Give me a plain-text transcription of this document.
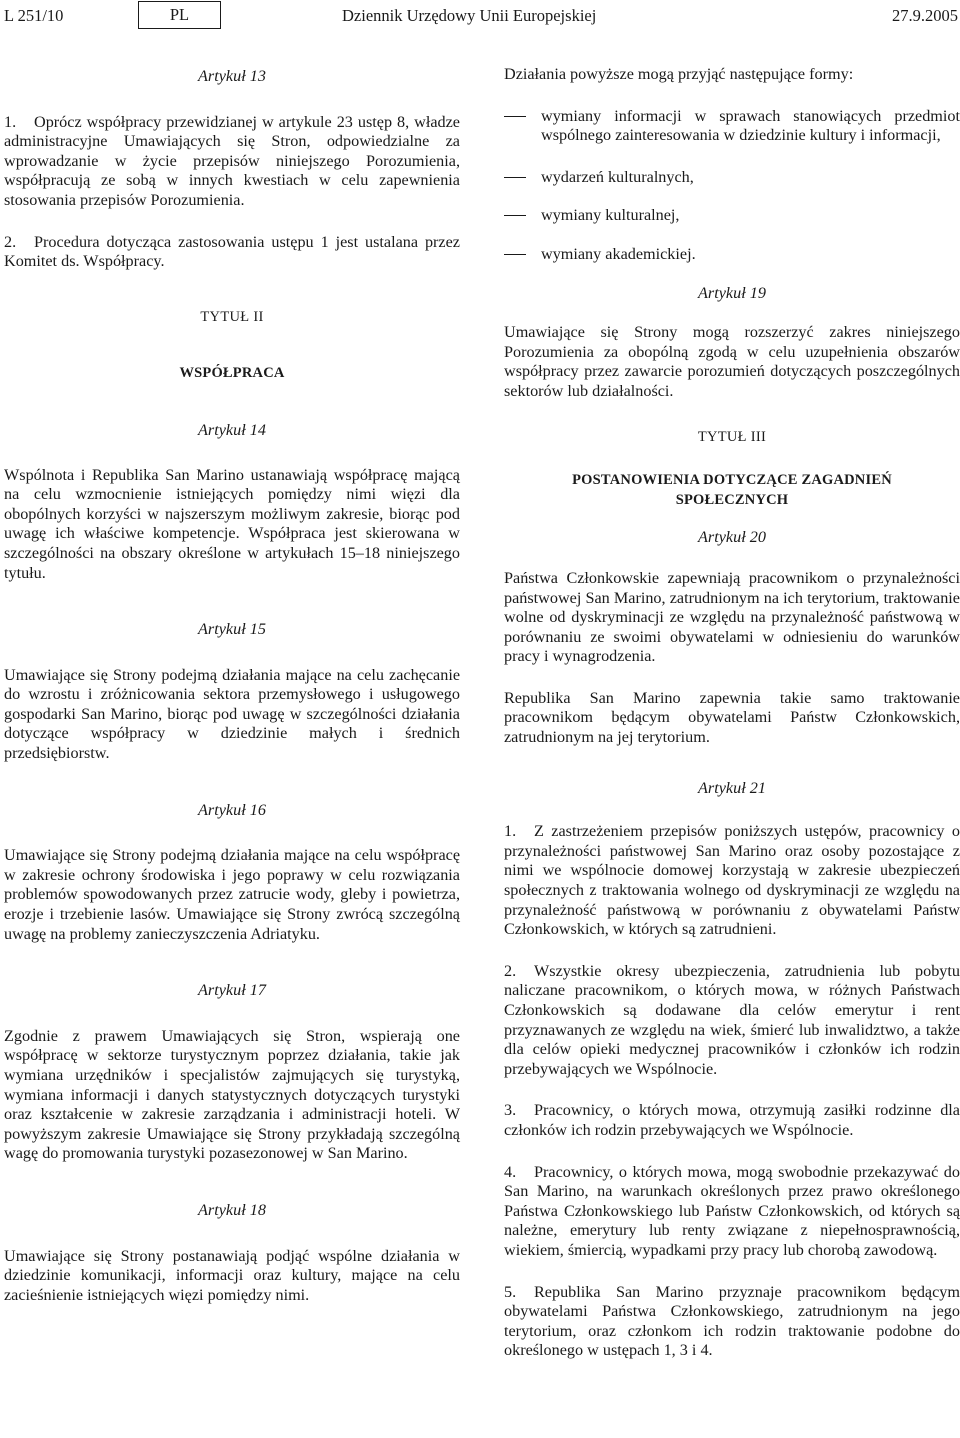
L 251/10	PL	Dziennik Urzędowy Unii Europejskiej	27.9.2005

Artykuł 13

1. Oprócz współpracy przewidzianej w artykule 23 ustęp 8, władze administracyjne Umawiających się Stron, odpowiedzialne za wprowadzanie w życie przepisów niniejszego Porozumienia, współpracują ze sobą w innych kwestiach w celu zapewnienia stosowania przepisów Porozumienia.

2. Procedura dotycząca zastosowania ustępu 1 jest ustalana przez Komitet ds. Współpracy.

TYTUŁ II

WSPÓŁPRACA

Artykuł 14

Wspólnota i Republika San Marino ustanawiają współpracę mającą na celu wzmocnienie istniejących pomiędzy nimi więzi dla obopólnych korzyści w najszerszym możliwym zakresie, biorąc pod uwagę ich właściwe kompetencje. Współpraca jest skierowana w szczególności na obszary określone w artykułach 15–18 niniejszego tytułu.

Artykuł 15

Umawiające się Strony podejmą działania mające na celu zachęcanie do wzrostu i zróżnicowania sektora przemysłowego i usługowego gospodarki San Marino, biorąc pod uwagę w szczególności działania dotyczące współpracy w dziedzinie małych i średnich przedsiębiorstw.

Artykuł 16

Umawiające się Strony podejmą działania mające na celu współpracę w zakresie ochrony środowiska i jego poprawy w celu rozwiązania problemów spowodowanych przez zatrucie wody, gleby i powietrza, erozje i trzebienie lasów. Umawiające się Strony zwrócą szczególną uwagę na problemy zanieczyszczenia Adriatyku.

Artykuł 17

Zgodnie z prawem Umawiających się Stron, wspierają one współpracę w sektorze turystycznym poprzez działania, takie jak wymiana urzędników i specjalistów zajmujących się turystyką, wymiana informacji i danych statystycznych dotyczących turystyki oraz kształcenie w zakresie zarządzania i administracji hoteli. W powyższym zakresie Umawiające się Strony przykładają szczególną wagę do promowania turystyki pozasezonowej w San Marino.

Artykuł 18

Umawiające się Strony postanawiają podjąć wspólne działania w dziedzinie komunikacji, informacji oraz kultury, mające na celu zacieśnienie istniejących więzi pomiędzy nimi.

Działania powyższe mogą przyjąć następujące formy:

wymiany informacji w sprawach stanowiących przedmiot wspólnego zainteresowania w dziedzinie kultury i informacji,

wydarzeń kulturalnych,

wymiany kulturalnej,

wymiany akademickiej.

Artykuł 19

Umawiające się Strony mogą rozszerzyć zakres niniejszego Porozumienia za obopólną zgodą w celu uzupełnienia obszarów współpracy przez zawarcie porozumień dotyczących poszczególnych sektorów lub działalności.

TYTUŁ III

POSTANOWIENIA DOTYCZĄCE ZAGADNIEŃ
SPOŁECZNYCH

Artykuł 20

Państwa Członkowskie zapewniają pracownikom o przynależności państwowej San Marino, zatrudnionym na ich terytorium, traktowanie wolne od dyskryminacji ze względu na przynależność państwową w porównaniu ze swoimi obywatelami w odniesieniu do warunków pracy i wynagrodzenia.

Republika San Marino zapewnia takie samo traktowanie pracownikom będącym obywatelami Państw Członkowskich, zatrudnionym na jej terytorium.

Artykuł 21

1. Z zastrzeżeniem przepisów poniższych ustępów, pracownicy o przynależności państwowej San Marino oraz osoby pozostające z nimi we wspólnocie domowej korzystają w zakresie ubezpieczeń społecznych z traktowania wolnego od dyskryminacji ze względu na przynależność państwową w porównaniu z obywatelami Państw Członkowskich, w których są zatrudnieni.

2. Wszystkie okresy ubezpieczenia, zatrudnienia lub pobytu naliczane pracownikom, o których mowa, w różnych Państwach Członkowskich są dodawane dla celów emerytur i rent przyznawanych ze względu na wiek, śmierć lub inwalidztwo, a także dla celów opieki medycznej pracowników i członków ich rodzin przebywających we Wspólnocie.

3. Pracownicy, o których mowa, otrzymują zasiłki rodzinne dla członków ich rodzin przebywających we Wspólnocie.

4. Pracownicy, o których mowa, mogą swobodnie przekazywać do San Marino, na warunkach określonych przez prawo określonego Państwa Członkowskiego lub Państw Członkowskich, od których są należne, emerytury lub renty związane z niepełnosprawnością, wiekiem, śmiercią, wypadkami przy pracy lub chorobą zawodową.

5. Republika San Marino przyznaje pracownikom będącym obywatelami Państwa Członkowskiego, zatrudnionym na jego terytorium, oraz członkom ich rodzin traktowanie podobne do określonego w ustępach 1, 3 i 4.
